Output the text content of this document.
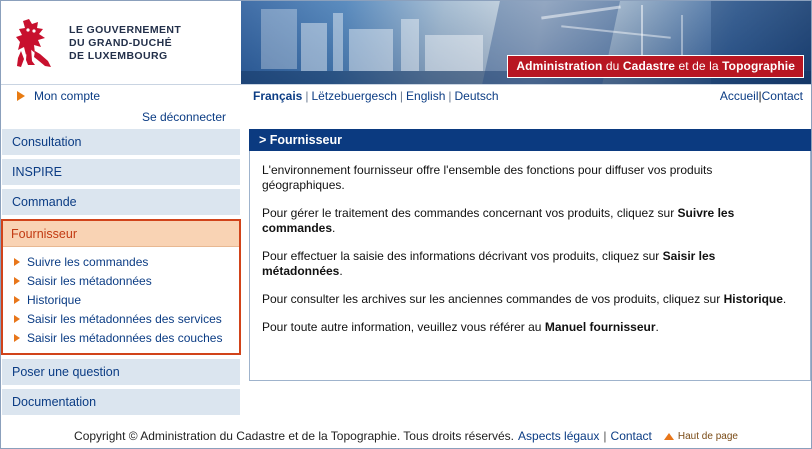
LE GOUVERNEMENT
DU GRAND-DUCHÉ
DE LUXEMBOURG
Administration du Cadastre et de la Topographie
Mon compte	Français | Lëtzebuergesch | English | Deutsch	Accueil|Contact
Se déconnecter
Consultation
INSPIRE
Commande
Fournisseur
Suivre les commandes
Saisir les métadonnées
Historique
Saisir les métadonnées des services
Saisir les métadonnées des couches
Poser une question
Documentation
> Fournisseur

L'environnement fournisseur offre l'ensemble des fonctions pour diffuser vos produits géographiques.

Pour gérer le traitement des commandes concernant vos produits, cliquez sur Suivre les commandes.

Pour effectuer la saisie des informations décrivant vos produits, cliquez sur Saisir les métadonnées.

Pour consulter les archives sur les anciennes commandes de vos produits, cliquez sur Historique.

Pour toute autre information, veuillez vous référer au Manuel fournisseur.

Copyright © Administration du Cadastre et de la Topographie. Tous droits réservés. Aspects légaux | Contact	Haut de page
